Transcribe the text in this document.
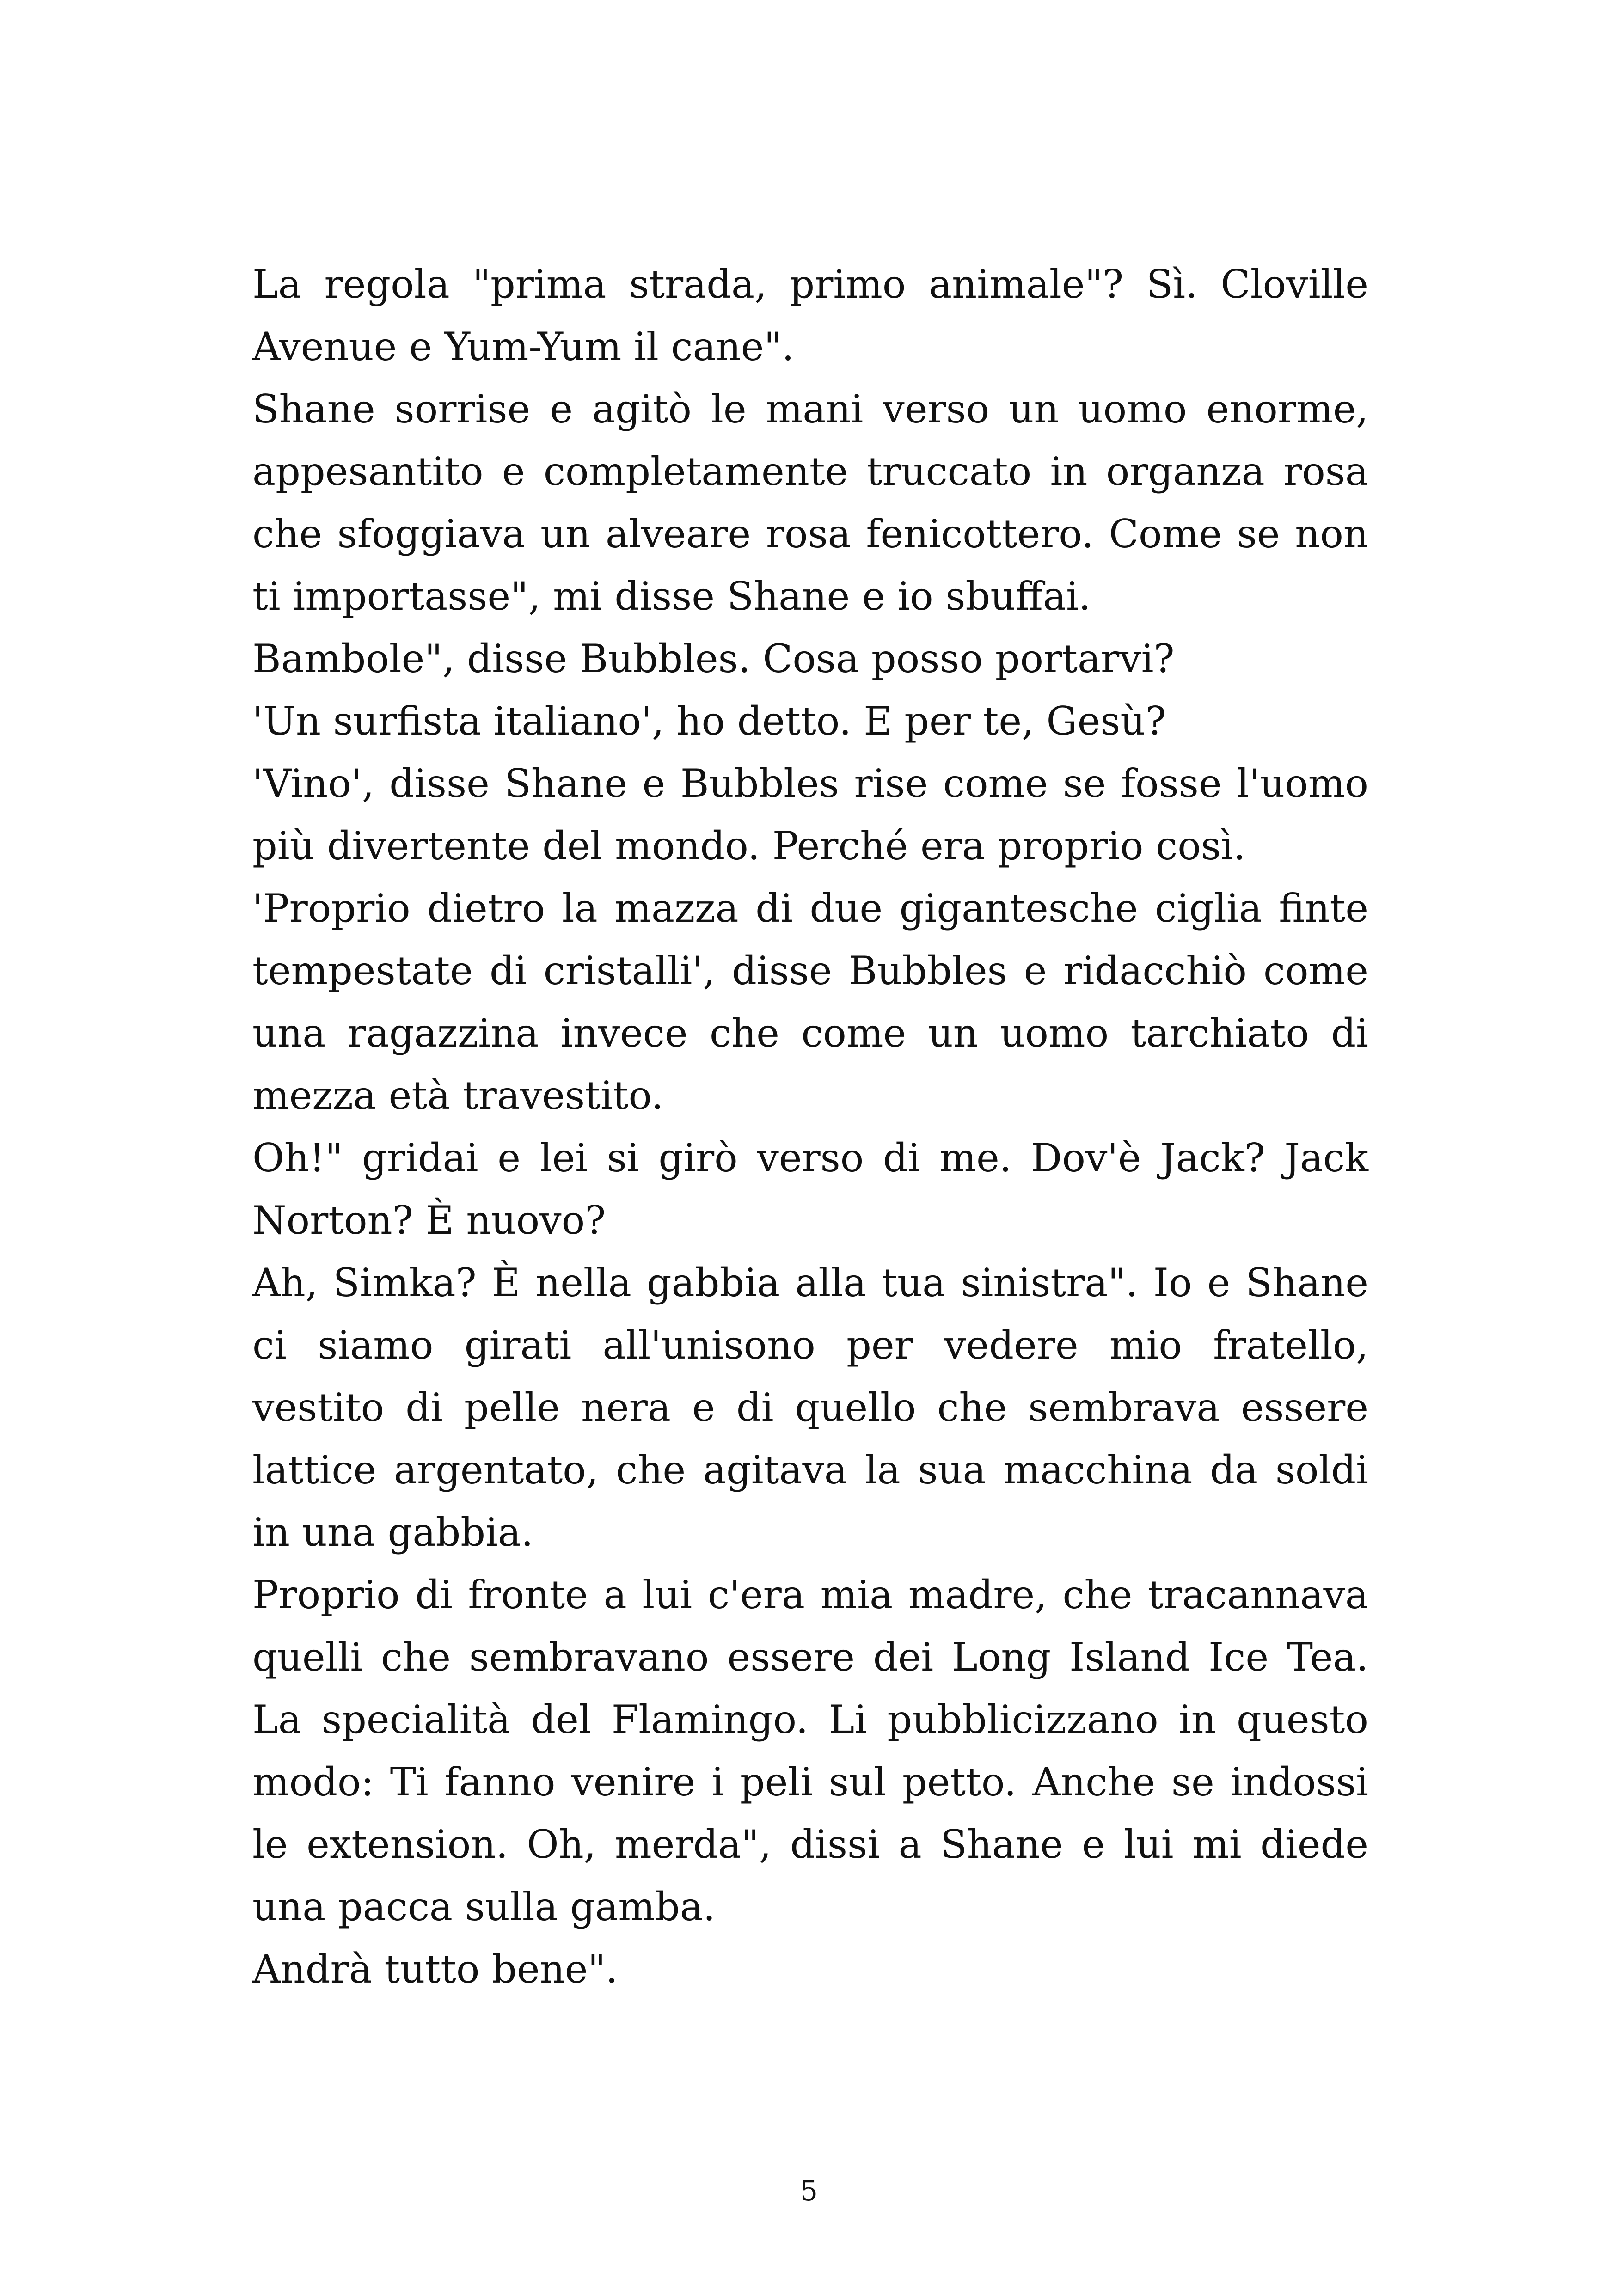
La regola "prima strada, primo animale"? Sì. Cloville Avenue e Yum-Yum il cane".

Shane sorrise e agitò le mani verso un uomo enorme, appesantito e completamente truccato in organza rosa che sfoggiava un alveare rosa fenicottero. Come se non ti importasse", mi disse Shane e io sbuffai.

Bambole", disse Bubbles. Cosa posso portarvi?

'Un surfista italiano', ho detto. E per te, Gesù?

'Vino', disse Shane e Bubbles rise come se fosse l'uomo più divertente del mondo. Perché era proprio così.

'Proprio dietro la mazza di due gigantesche ciglia finte tempestate di cristalli', disse Bubbles e ridacchiò come una ragazzina invece che come un uomo tarchiato di mezza età travestito.

Oh!" gridai e lei si girò verso di me. Dov'è Jack? Jack Norton? È nuovo?

Ah, Simka? È nella gabbia alla tua sinistra". Io e Shane ci siamo girati all'unisono per vedere mio fratello, vestito di pelle nera e di quello che sembrava essere lattice argentato, che agitava la sua macchina da soldi in una gabbia.

Proprio di fronte a lui c'era mia madre, che tracannava quelli che sembravano essere dei Long Island Ice Tea. La specialità del Flamingo. Li pubblicizzano in questo modo: Ti fanno venire i peli sul petto. Anche se indossi le extension. Oh, merda", dissi a Shane e lui mi diede una pacca sulla gamba.

Andrà tutto bene".

5
